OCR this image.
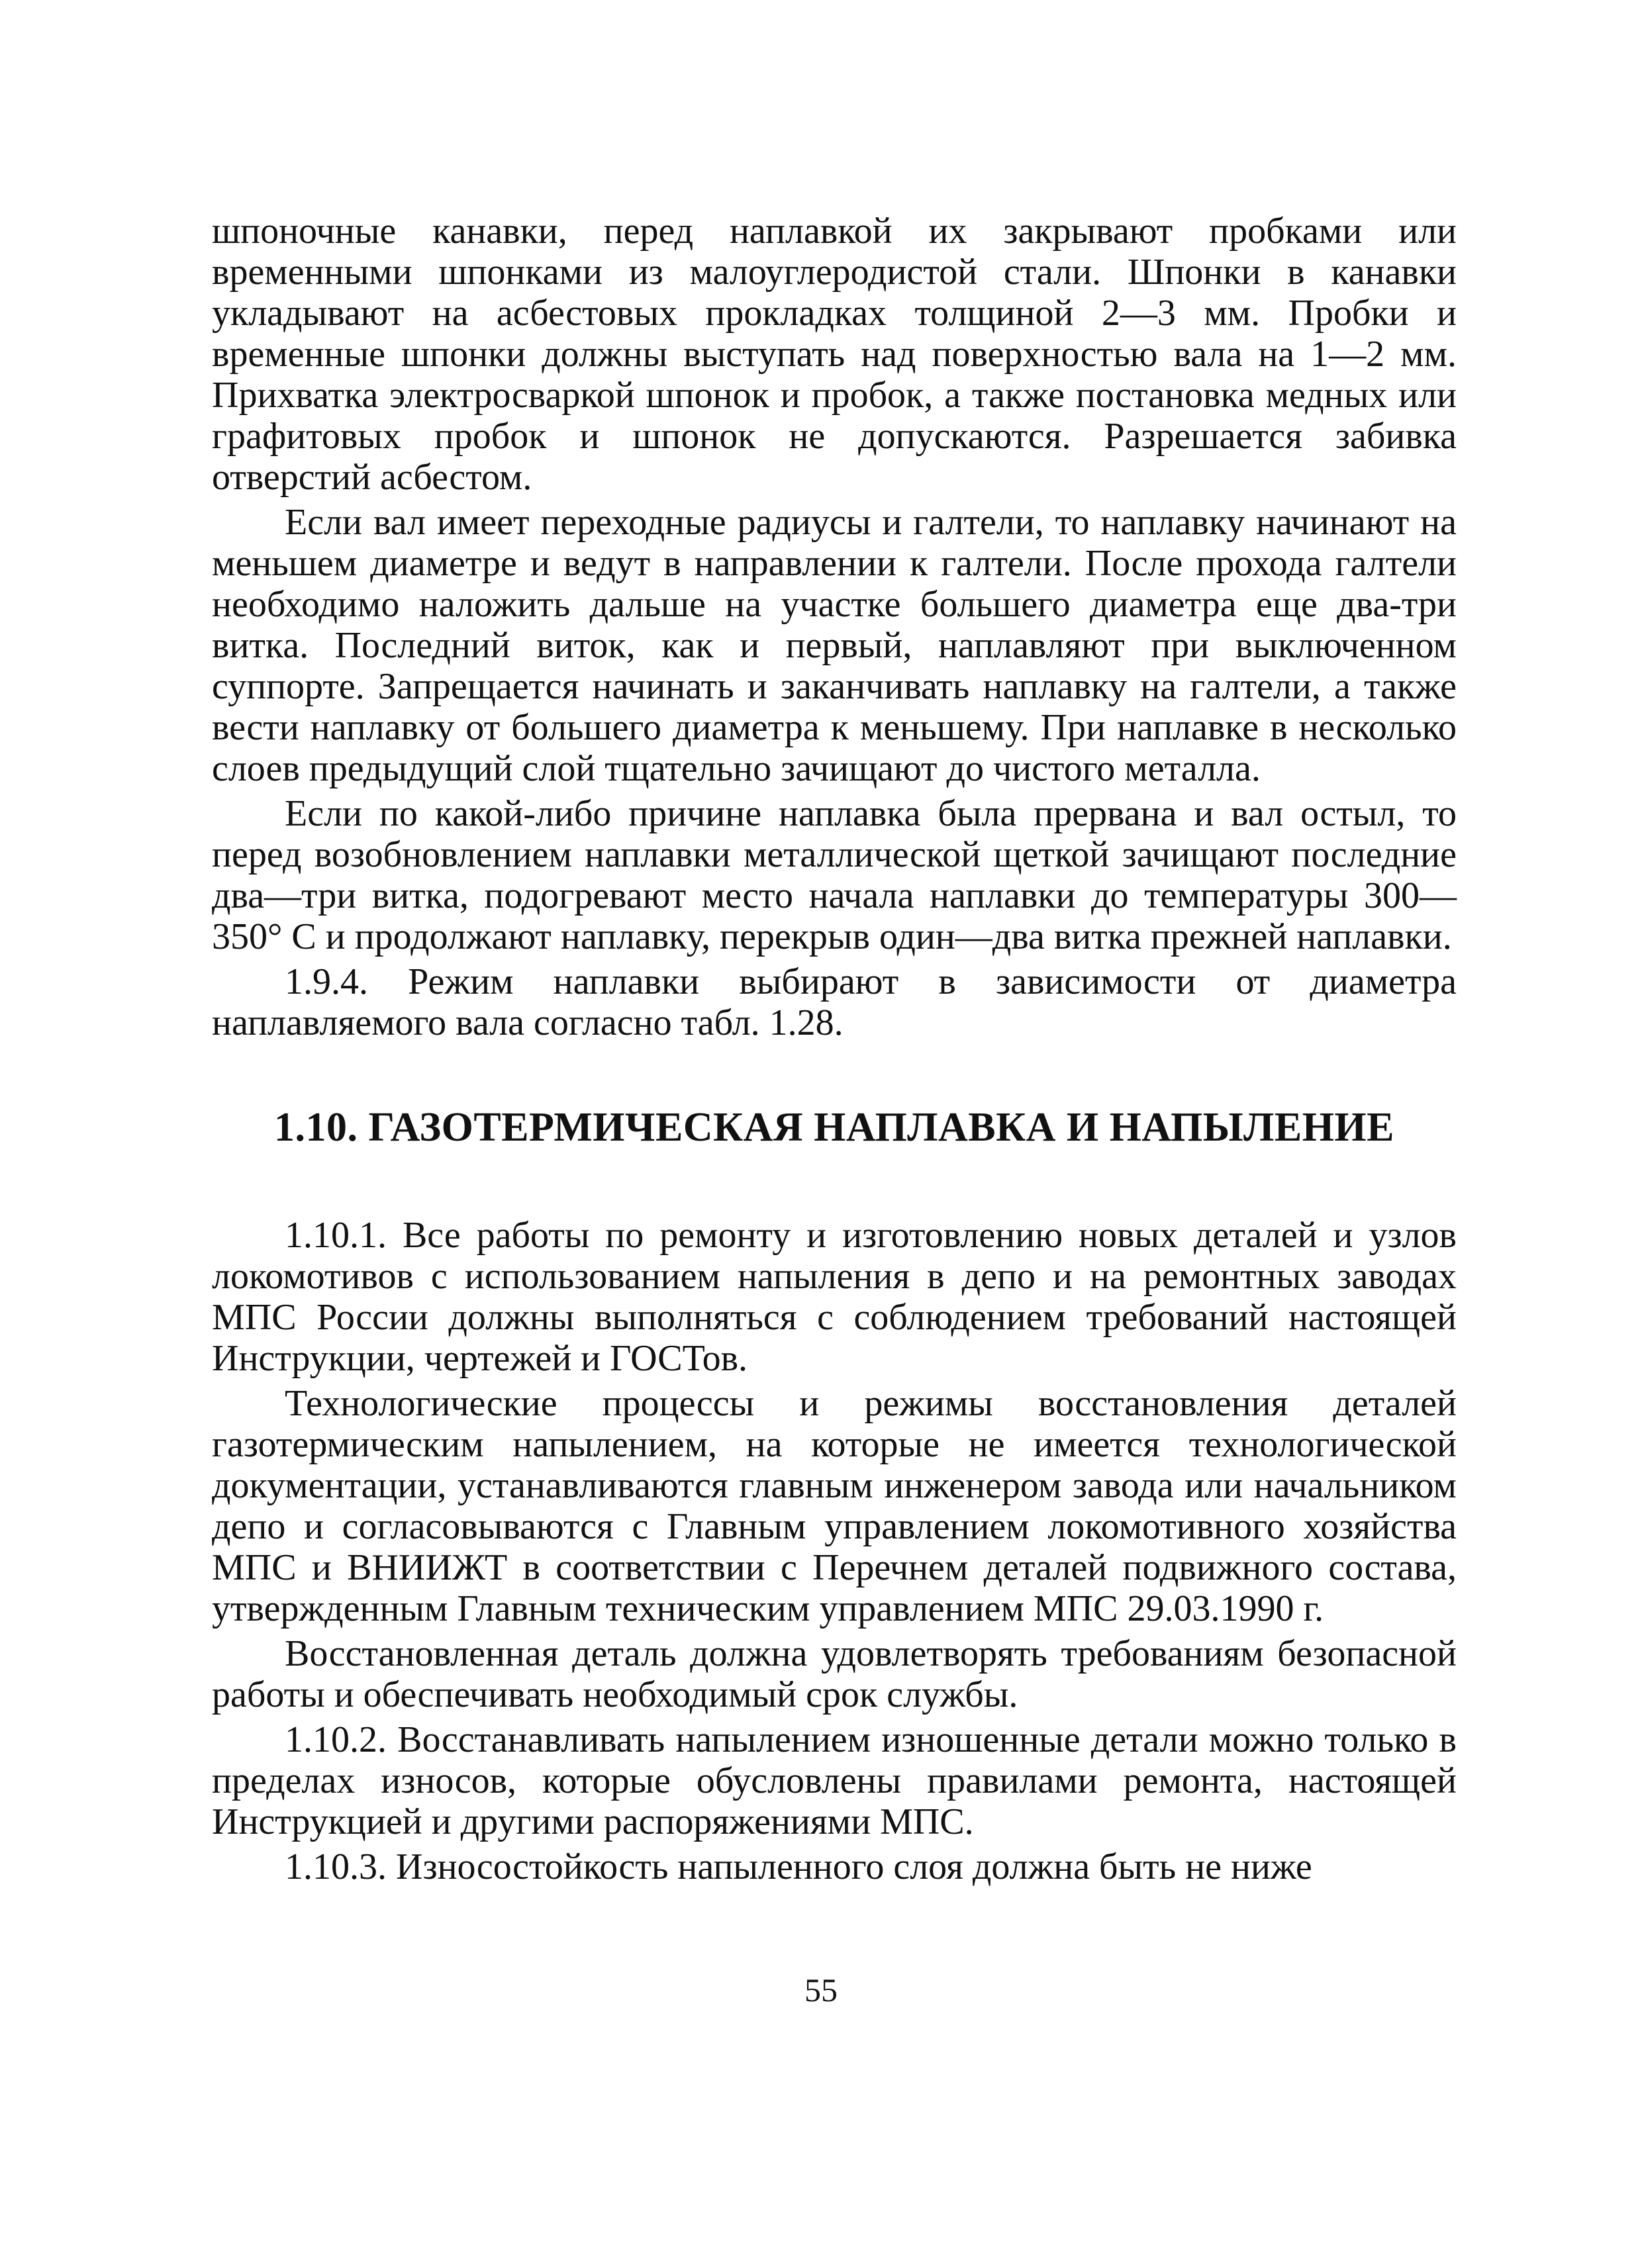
шпоночные канавки, перед наплавкой их закрывают пробками или временными шпонками из малоуглеродистой стали. Шпонки в канавки укладывают на асбестовых прокладках толщиной 2—3 мм. Пробки и временные шпонки должны выступать над поверхностью вала на 1—2 мм. Прихватка электросваркой шпонок и пробок, а также постановка медных или графитовых пробок и шпонок не допускаются. Разрешается забивка отверстий асбестом.

Если вал имеет переходные радиусы и галтели, то наплавку начинают на меньшем диаметре и ведут в направлении к галтели. После прохода галтели необходимо наложить дальше на участке большего диаметра еще два-три витка. Последний виток, как и первый, наплавляют при выключенном суппорте. Запрещается начинать и заканчивать наплавку на галтели, а также вести наплавку от большего диаметра к меньшему. При наплавке в несколько слоев предыдущий слой тщательно зачищают до чистого металла.

Если по какой-либо причине наплавка была прервана и вал остыл, то перед возобновлением наплавки металлической щеткой зачищают последние два—три витка, подогревают место начала наплавки до температуры 300—350° С и продолжают наплавку, перекрыв один—два витка прежней наплавки.

1.9.4. Режим наплавки выбирают в зависимости от диаметра наплавляемого вала согласно табл. 1.28.

1.10. ГАЗОТЕРМИЧЕСКАЯ НАПЛАВКА И НАПЫЛЕНИЕ

1.10.1. Все работы по ремонту и изготовлению новых деталей и узлов локомотивов с использованием напыления в депо и на ремонтных заводах МПС России должны выполняться с соблюдением требований настоящей Инструкции, чертежей и ГОСТов.

Технологические процессы и режимы восстановления деталей газотермическим напылением, на которые не имеется технологической документации, устанавливаются главным инженером завода или начальником депо и согласовываются с Главным управлением локомотивного хозяйства МПС и ВНИИЖТ в соответствии с Перечнем деталей подвижного состава, утвержденным Главным техническим управлением МПС 29.03.1990 г.

Восстановленная деталь должна удовлетворять требованиям безопасной работы и обеспечивать необходимый срок службы.

1.10.2. Восстанавливать напылением изношенные детали можно только в пределах износов, которые обусловлены правилами ремонта, настоящей Инструкцией и другими распоряжениями МПС.

1.10.3. Износостойкость напыленного слоя должна быть не ниже

55
